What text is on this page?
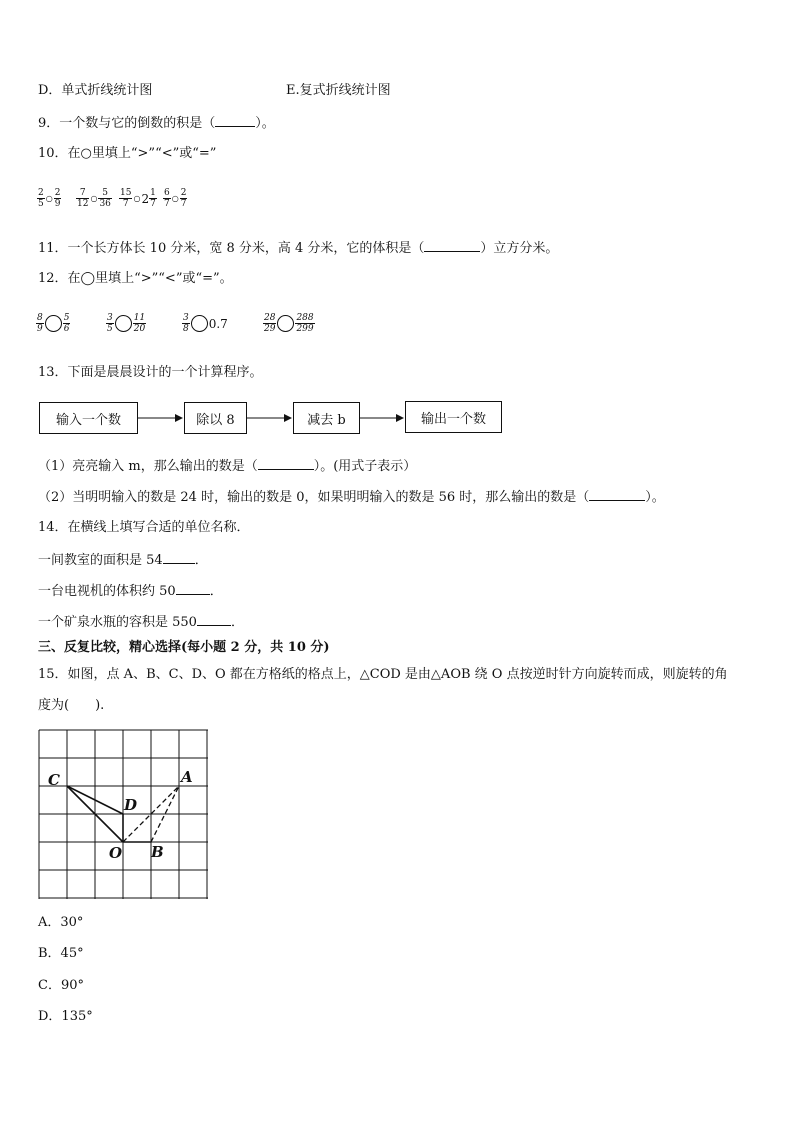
D．单式折线统计图	E.复式折线统计图
9．一个数与它的倒数的积是（	）。
10．在○里填上“>”“<”或“=”
$\frac{2}{5}$ ○ $\frac{2}{9} \frac{7}{12}$ ○ $\frac{5}{36} \frac{15}{7}$ ○ $2 \frac{1}{7} \frac{6}{7}$ ○ $\frac{2}{7}$
11．一个长方体长 10 分米，宽 8 分米，高 4 分米，它的体积是（	）立方分米。
12．在◯里填上“>”“<”或“=”。
$\frac{8}{9} \frac{5}{6}$	$\frac{3}{5} \frac{11}{20}$	$\frac{3}{8} 0.7$	$\frac{28}{29} \frac{288}{299}$
13．下面是晨晨设计的一个计算程序。
输入一个数	除以 8	减去 b	输出一个数
（1）亮亮输入 m，那么输出的数是（	）。(用式子表示）
（2）当明明输入的数是 24 时，输出的数是 0，如果明明输入的数是 56 时，那么输出的数是（	）。
14．在横线上填写合适的单位名称．
一间教室的面积是 54 ．
一台电视机的体积约 50	．
一个矿泉水瓶的容积是 550	．
三、反复比较，精心选择(每小题 2 分，共 10 分)
15．如图，点 A、B、C、D、O 都在方格纸的格点上，△COD 是由△AOB 绕 O 点按逆时针方向旋转而成，则旋转的角
度为(　　).
C
D
A
O B
A．30°
B．45°
C．90°
D．135°
